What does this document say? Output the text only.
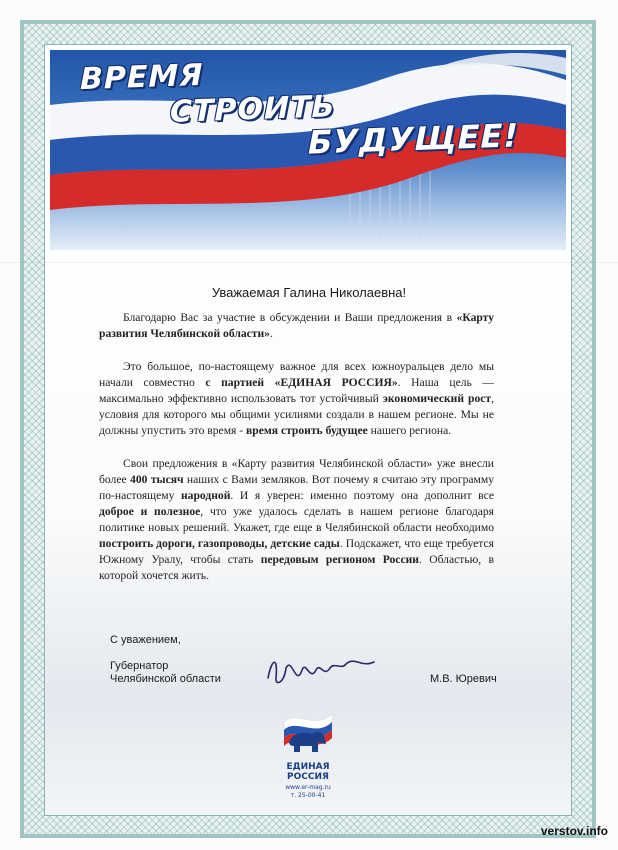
ВРЕМЯ
СТРОИТЬ
БУДУЩЕЕ!
Уважаемая Галина Николаевна!

Благодарю Вас за участие в обсуждении и Ваши предложения в «Карту развития Челябинской области».

Это большое, по-настоящему важное для всех южноуральцев дело мы начали совместно с партией «ЕДИНАЯ РОССИЯ». Наша цель — максимально эффективно использовать тот устойчивый экономический рост, условия для которого мы общими усилиями создали в нашем регионе. Мы не должны упустить это время - время строить будущее нашего региона.

Свои предложения в «Карту развития Челябинской области» уже внесли более 400 тысяч наших с Вами земляков. Вот почему я считаю эту программу по-настоящему народной. И я уверен: именно поэтому она дополнит все доброе и полезное, что уже удалось сделать в нашем регионе благодаря политике новых решений. Укажет, где еще в Челябинской области необходимо построить дороги, газопроводы, детские сады. Подскажет, что еще требуется Южному Уралу, чтобы стать передовым регионом России. Областью, в которой хочется жить.

С уважением,
Губернатор
Челябинской области	М.В. Юревич
ЕДИНАЯ
РОССИЯ
www.er-mag.ru
т. 25-00-41
verstov.info
